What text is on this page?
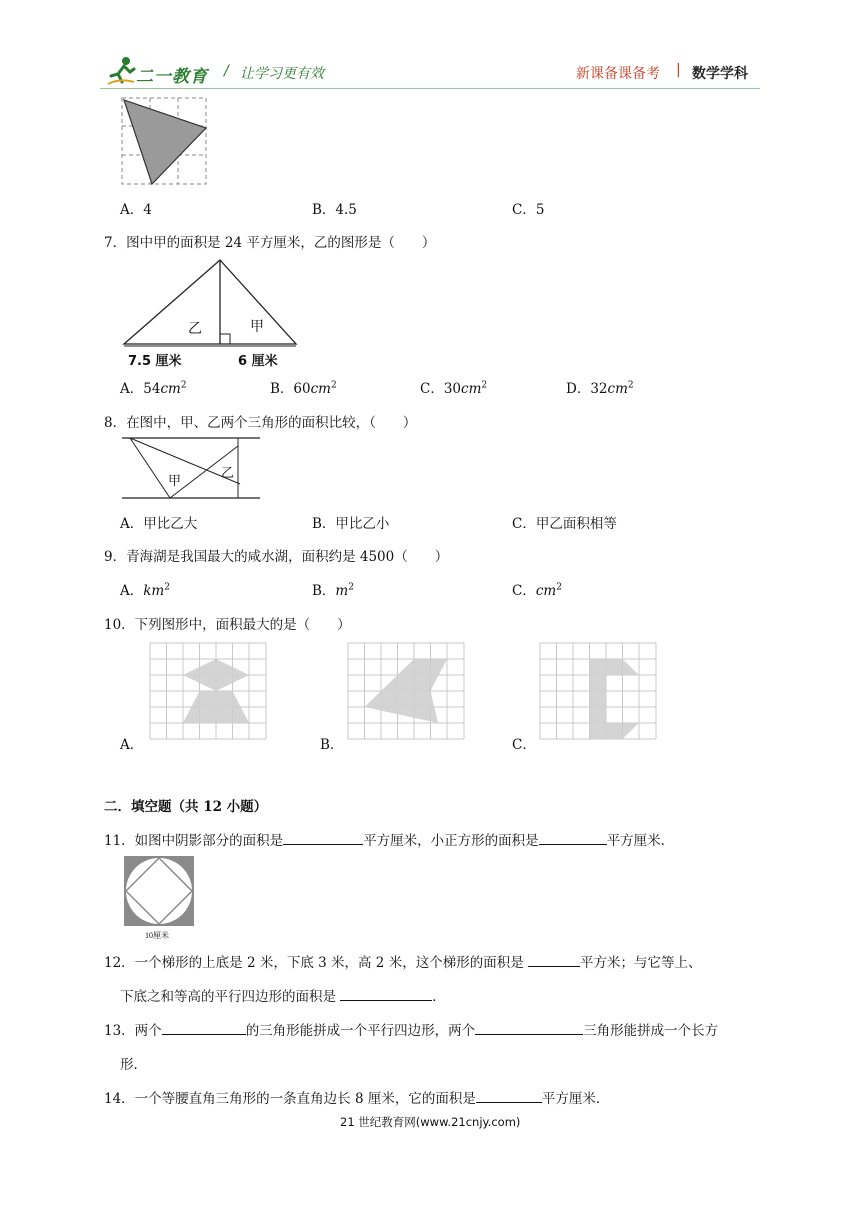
二一教育 / 让学习更有效	新课备课备考 | 数学学科
A．4	B．4.5	C．5
7．图中甲的面积是 24 平方厘米，乙的图形是（　　）
乙	甲
7.5 厘米	6 厘米
A．$54cm^2$	B．$60cm^2$	C．$30cm^2$	D．$32cm^2$
8．在图中，甲、乙两个三角形的面积比较，（　　）
甲
乙
A．甲比乙大	B．甲比乙小	C．甲乙面积相等
9．青海湖是我国最大的咸水湖，面积约是 4500（　　）
A．$km^2$	B．$m^2$	C．$cm^2$
10．下列图形中，面积最大的是（　　）
A．	B．	C．
二．填空题（共 12 小题）
11．如图中阴影部分的面积是	平方厘米，小正方形的面积是	平方厘米．
10厘米
12．一个梯形的上底是 2 米，下底 3 米，高 2 米，这个梯形的面积是	平方米；与它等上、
下底之和等高的平行四边形的面积是	．
13．两个	的三角形能拼成一个平行四边形，两个	三角形能拼成一个长方
形．
14．一个等腰直角三角形的一条直角边长 8 厘米，它的面积是	平方厘米．
21 世纪教育网(www.21cnjy.com)
